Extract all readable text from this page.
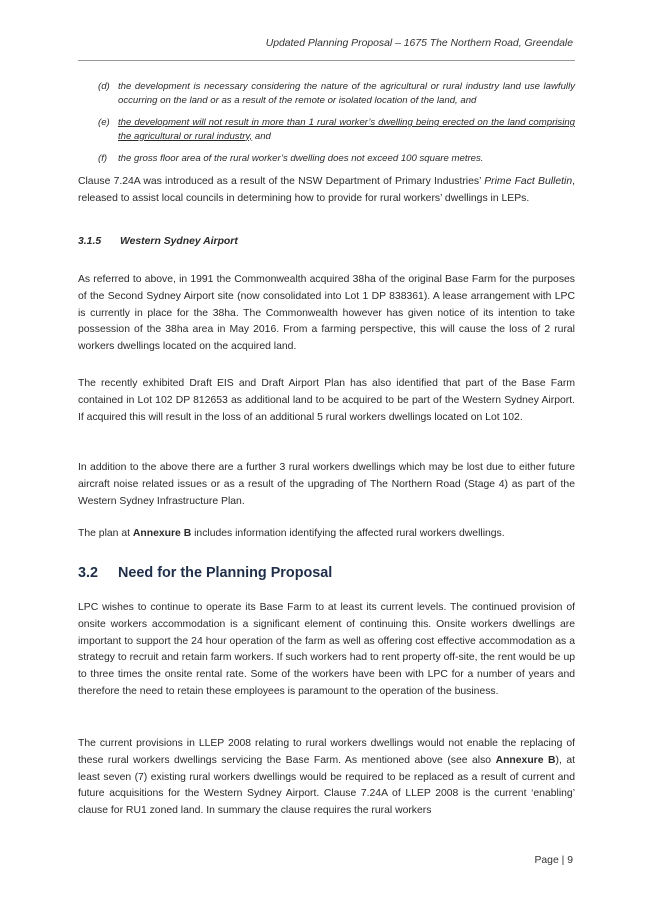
Updated Planning Proposal – 1675 The Northern Road, Greendale
(d) the development is necessary considering the nature of the agricultural or rural industry land use lawfully occurring on the land or as a result of the remote or isolated location of the land, and
(e) the development will not result in more than 1 rural worker’s dwelling being erected on the land comprising the agricultural or rural industry, and
(f) the gross floor area of the rural worker’s dwelling does not exceed 100 square metres.
Clause 7.24A was introduced as a result of the NSW Department of Primary Industries’ Prime Fact Bulletin, released to assist local councils in determining how to provide for rural workers’ dwellings in LEPs.
3.1.5 Western Sydney Airport
As referred to above, in 1991 the Commonwealth acquired 38ha of the original Base Farm for the purposes of the Second Sydney Airport site (now consolidated into Lot 1 DP 838361). A lease arrangement with LPC is currently in place for the 38ha. The Commonwealth however has given notice of its intention to take possession of the 38ha area in May 2016. From a farming perspective, this will cause the loss of 2 rural workers dwellings located on the acquired land.
The recently exhibited Draft EIS and Draft Airport Plan has also identified that part of the Base Farm contained in Lot 102 DP 812653 as additional land to be acquired to be part of the Western Sydney Airport. If acquired this will result in the loss of an additional 5 rural workers dwellings located on Lot 102.
In addition to the above there are a further 3 rural workers dwellings which may be lost due to either future aircraft noise related issues or as a result of the upgrading of The Northern Road (Stage 4) as part of the Western Sydney Infrastructure Plan.
The plan at Annexure B includes information identifying the affected rural workers dwellings.
3.2 Need for the Planning Proposal
LPC wishes to continue to operate its Base Farm to at least its current levels. The continued provision of onsite workers accommodation is a significant element of continuing this. Onsite workers dwellings are important to support the 24 hour operation of the farm as well as offering cost effective accommodation as a strategy to recruit and retain farm workers. If such workers had to rent property off-site, the rent would be up to three times the onsite rental rate. Some of the workers have been with LPC for a number of years and therefore the need to retain these employees is paramount to the operation of the business.
The current provisions in LLEP 2008 relating to rural workers dwellings would not enable the replacing of these rural workers dwellings servicing the Base Farm. As mentioned above (see also Annexure B), at least seven (7) existing rural workers dwellings would be required to be replaced as a result of current and future acquisitions for the Western Sydney Airport. Clause 7.24A of LLEP 2008 is the current ‘enabling’ clause for RU1 zoned land. In summary the clause requires the rural workers
Page | 9
